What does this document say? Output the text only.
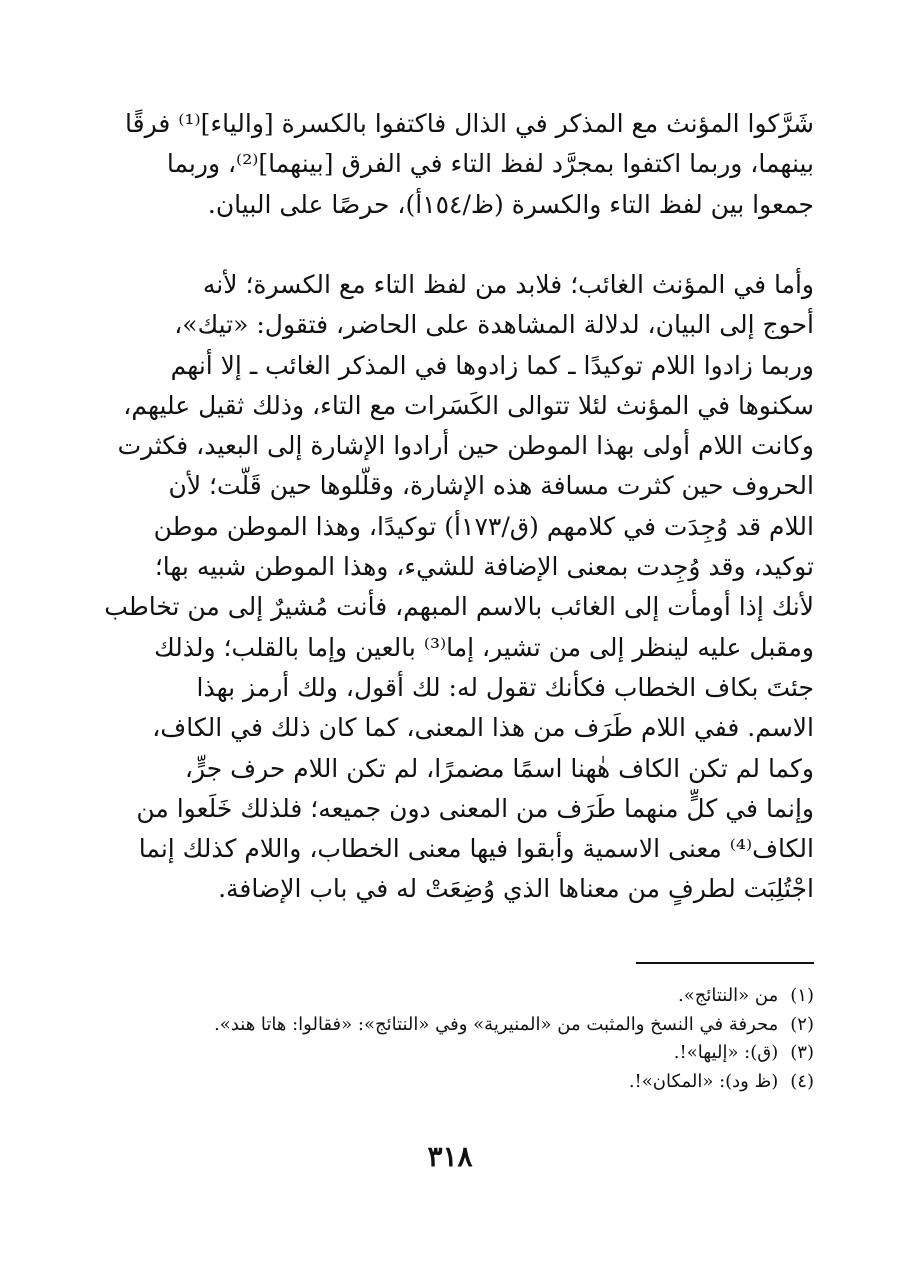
شَرَّكوا المؤنث مع المذكر في الذال فاكتفوا بالكسرة [والياء]⁽¹⁾ فرقًا
بينهما، وربما اكتفوا بمجرَّد لفظ التاء في الفرق [بينهما]⁽²⁾، وربما
جمعوا بين لفظ التاء والكسرة (ظ/١٥٤أ)، حرصًا على البيان.
وأما في المؤنث الغائب؛ فلابد من لفظ التاء مع الكسرة؛ لأنه
أحوج إلى البيان، لدلالة المشاهدة على الحاضر، فتقول: «تيك»،
وربما زادوا اللام توكيدًا ـ كما زادوها في المذكر الغائب ـ إلا أنهم
سكنوها في المؤنث لئلا تتوالى الكَسَرات مع التاء، وذلك ثقيل عليهم،
وكانت اللام أولى بهذا الموطن حين أرادوا الإشارة إلى البعيد، فكثرت
الحروف حين كثرت مسافة هذه الإشارة، وقلَّلوها حين قَلَّت؛ لأن
اللام قد وُجِدَت في كلامهم (ق/١٧٣أ) توكيدًا، وهذا الموطن موطن
توكيد، وقد وُجِدت بمعنى الإضافة للشيء، وهذا الموطن شبيه بها؛
لأنك إذا أومأت إلى الغائب بالاسم المبهم، فأنت مُشيرٌ إلى من تخاطب
ومقبل عليه لينظر إلى من تشير، إما⁽³⁾ بالعين وإما بالقلب؛ ولذلك
جئتَ بكاف الخطاب فكأنك تقول له: لك أقول، ولك أرمز بهذا
الاسم. ففي اللام طَرَف من هذا المعنى، كما كان ذلك في الكاف،
وكما لم تكن الكاف هٰهنا اسمًا مضمرًا، لم تكن اللام حرف جرٍّ،
وإنما في كلٍّ منهما طَرَف من المعنى دون جميعه؛ فلذلك خَلَعوا من
الكاف⁽⁴⁾ معنى الاسمية وأبقوا فيها معنى الخطاب، واللام كذلك إنما
اجْتُلِبَت لطرفٍ من معناها الذي وُضِعَتْ له في باب الإضافة.
(١) من «النتائج».
(٢) محرفة في النسخ والمثبت من «المنيرية» وفي «النتائج»: «فقالوا: هاتا هند».
(٣) (ق): «إليها»!.
(٤) (ظ ود): «المكان»!.
٣١٨
